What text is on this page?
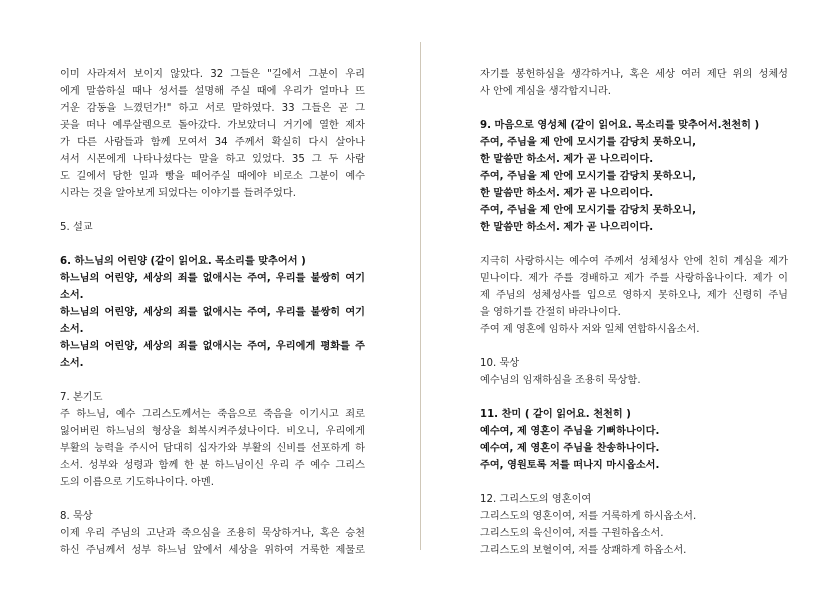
이미 사라져서 보이지 않았다. 32 그들은 "길에서 그분이 우리
에게 말씀하실 때나 성서를 설명해 주실 때에 우리가 얼마나 뜨
거운 감동을 느꼈던가!" 하고 서로 말하였다. 33 그들은 곧 그
곳을 떠나 예루살렘으로 돌아갔다. 가보았더니 거기에 열한 제자
가 다른 사람들과 함께 모여서 34 주께서 확실히 다시 살아나
셔서 시몬에게 나타나셨다는 말을 하고 있었다. 35 그 두 사람
도 길에서 당한 일과 빵을 떼어주실 때에야 비로소 그분이 예수
시라는 것을 알아보게 되었다는 이야기를 들려주었다.
5. 설교
6. 하느님의 어린양 (같이 읽어요. 목소리를 맞추어서 )
하느님의 어린양, 세상의 죄를 없애시는 주여, 우리를 불쌍히 여기
소서.
하느님의 어린양, 세상의 죄를 없애시는 주여, 우리를 불쌍히 여기
소서.
하느님의 어린양, 세상의 죄를 없애시는 주여, 우리에게 평화를 주
소서.
7. 본기도
주 하느님, 예수 그리스도께서는 죽음으로 죽음을 이기시고 죄로
잃어버린 하느님의 형상을 회복시켜주셨나이다. 비오니, 우리에게
부활의 능력을 주시어 담대히 십자가와 부활의 신비를 선포하게 하
소서. 성부와 성령과 함께 한 분 하느님이신 우리 주 예수 그리스
도의 이름으로 기도하나이다. 아멘.
8. 묵상
이제 우리 주님의 고난과 죽으심을 조용히 묵상하거나, 혹은 승천
하신 주님께서 성부 하느님 앞에서 세상을 위하여 거룩한 제물로
자기를 봉헌하심을 생각하거나, 혹은 세상 여러 제단 위의 성체성
사 안에 계심을 생각합지니라.
9. 마음으로 영성체 (같이 읽어요. 목소리를 맞추어서.천천히 )
주여, 주님을 제 안에 모시기를 감당치 못하오니,
한 말씀만 하소서. 제가 곧 나으리이다.
주여, 주님을 제 안에 모시기를 감당치 못하오니,
한 말씀만 하소서. 제가 곧 나으리이다.
주여, 주님을 제 안에 모시기를 감당치 못하오니,
한 말씀만 하소서. 제가 곧 나으리이다.
지극히 사랑하시는 예수여 주께서 성체성사 안에 친히 계심을 제가
믿나이다. 제가 주를 경배하고 제가 주를 사랑하옵나이다. 제가 이
제 주님의 성체성사를 입으로 영하지 못하오나, 제가 신령히 주님
을 영하기를 간절히 바라나이다.
주여 제 영혼에 임하사 저와 일체 연합하시옵소서.
10. 묵상
예수님의 임재하심을 조용히 묵상함.
11. 찬미 ( 같이 읽어요. 천천히 )
예수여, 제 영혼이 주님을 기뻐하나이다.
예수여, 제 영혼이 주님을 찬송하나이다.
주여, 영원토록 저를 떠나지 마시옵소서.
12. 그리스도의 영혼이여
그리스도의 영혼이여, 저를 거룩하게 하시옵소서.
그리스도의 육신이여, 저를 구원하옵소서.
그리스도의 보혈이여, 저를 상쾌하게 하옵소서.
